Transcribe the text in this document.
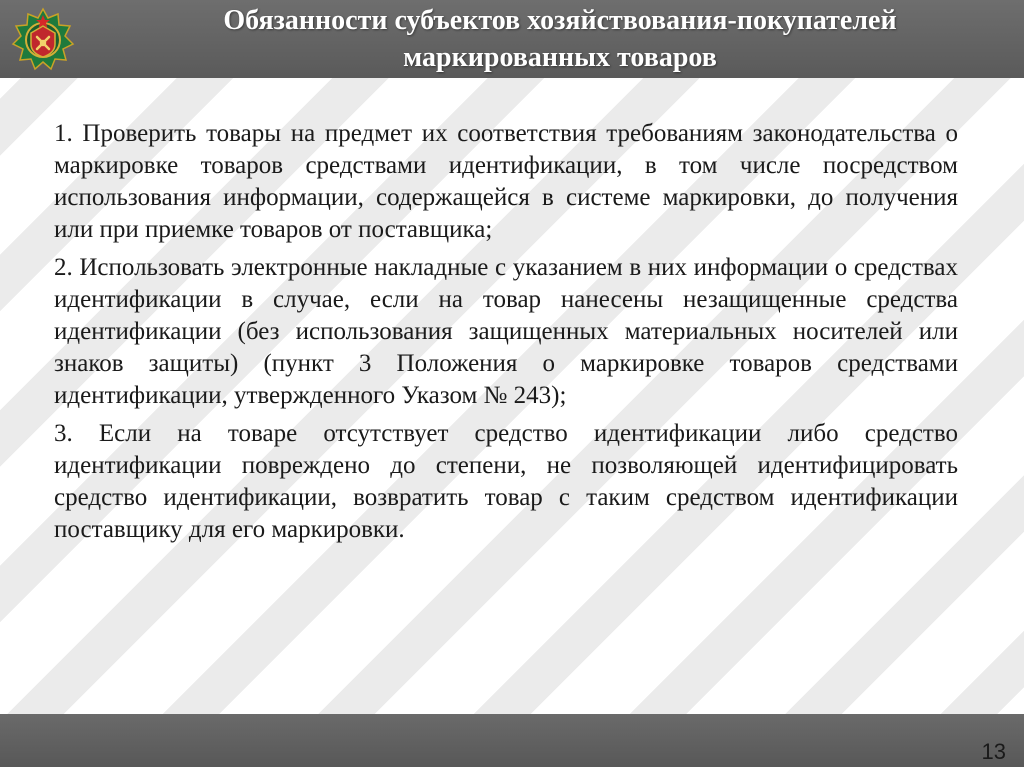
Обязанности субъектов хозяйствования-покупателей
маркированных товаров

1. Проверить товары на предмет их соответствия требованиям законодательства о маркировке товаров средствами идентификации, в том числе посредством использования информации, содержащейся в системе маркировки, до получения или при приемке товаров от поставщика;

2. Использовать электронные накладные с указанием в них информации о средствах идентификации в случае, если на товар нанесены незащищенные средства идентификации (без использования защищенных материальных носителей или знаков защиты) (пункт 3 Положения о маркировке товаров средствами идентификации, утвержденного Указом № 243);

3. Если на товаре отсутствует средство идентификации либо средство идентификации повреждено до степени, не позволяющей идентифицировать средство идентификации, возвратить товар с таким средством идентификации поставщику для его маркировки.

13
